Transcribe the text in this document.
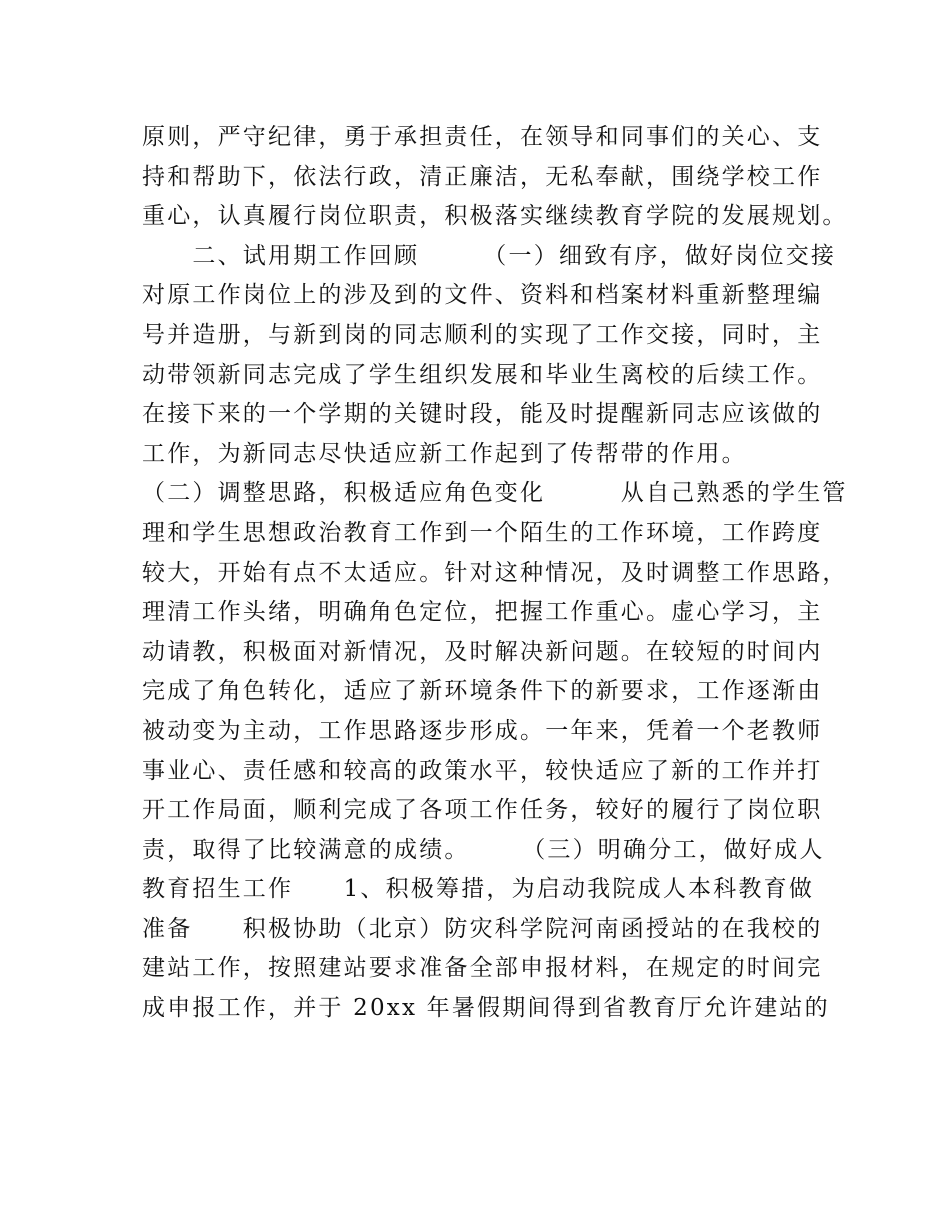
原则，严守纪律，勇于承担责任，在领导和同事们的关心、支
持和帮助下，依法行政，清正廉洁，无私奉献，围绕学校工作
重心，认真履行岗位职责，积极落实继续教育学院的发展规划。
　　二、试用期工作回顾　　　（一）细致有序，做好岗位交接
对原工作岗位上的涉及到的文件、资料和档案材料重新整理编
号并造册，与新到岗的同志顺利的实现了工作交接，同时，主
动带领新同志完成了学生组织发展和毕业生离校的后续工作。
在接下来的一个学期的关键时段，能及时提醒新同志应该做的
工作，为新同志尽快适应新工作起到了传帮带的作用。
（二）调整思路，积极适应角色变化　　　从自己熟悉的学生管
理和学生思想政治教育工作到一个陌生的工作环境，工作跨度
较大，开始有点不太适应。针对这种情况，及时调整工作思路，
理清工作头绪，明确角色定位，把握工作重心。虚心学习，主
动请教，积极面对新情况，及时解决新问题。在较短的时间内
完成了角色转化，适应了新环境条件下的新要求，工作逐渐由
被动变为主动，工作思路逐步形成。一年来，凭着一个老教师
事业心、责任感和较高的政策水平，较快适应了新的工作并打
开工作局面，顺利完成了各项工作任务，较好的履行了岗位职
责，取得了比较满意的成绩。　　　（三）明确分工，做好成人
教育招生工作　　1、积极筹措，为启动我院成人本科教育做
准备　　积极协助（北京）防灾科学院河南函授站的在我校的
建站工作，按照建站要求准备全部申报材料，在规定的时间完
成申报工作，并于 20xx 年暑假期间得到省教育厅允许建站的
